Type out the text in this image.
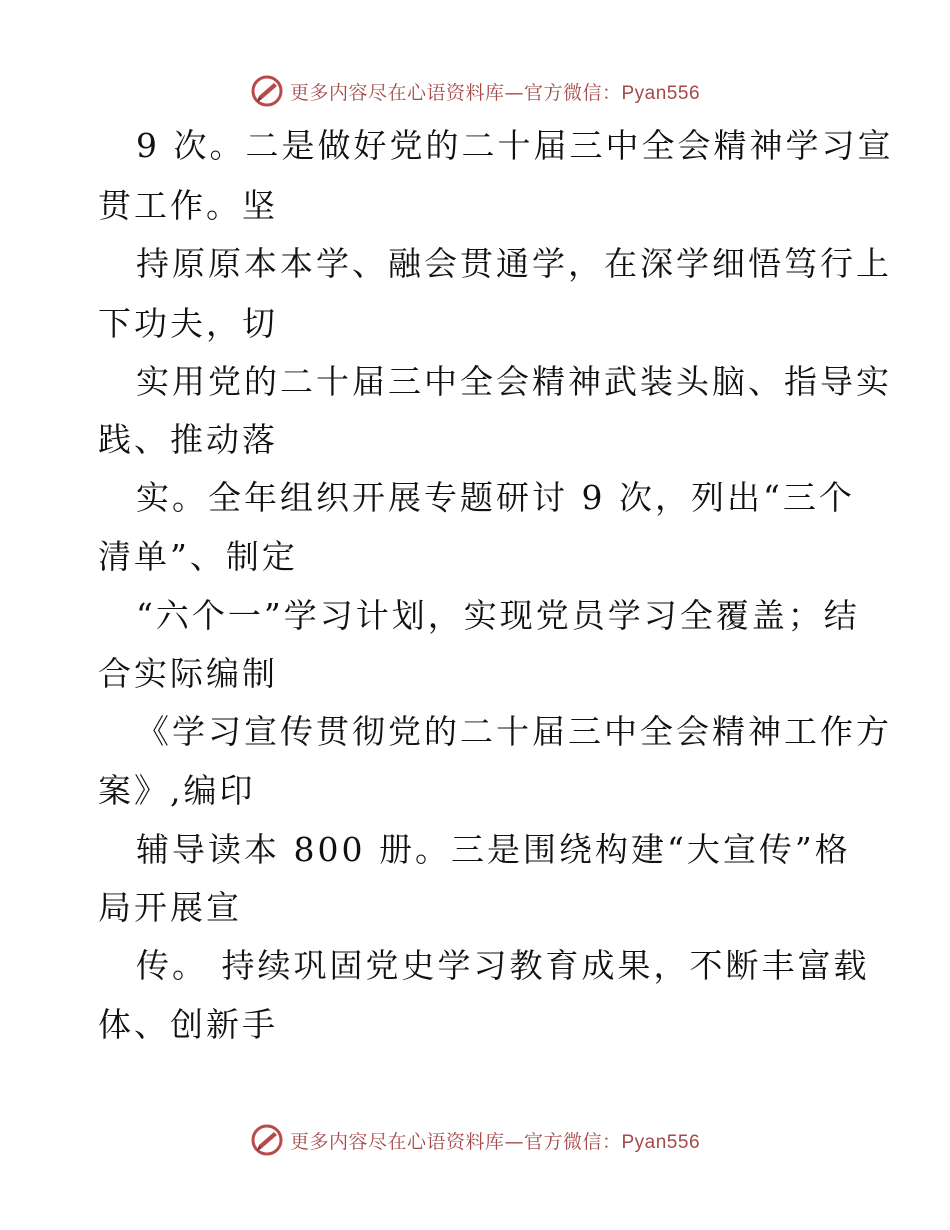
更多内容尽在心语资料库—官方微信：Pyan556
9 次。二是做好党的二十届三中全会精神学习宣
贯工作。坚
持原原本本学、融会贯通学，在深学细悟笃行上
下功夫，切
实用党的二十届三中全会精神武装头脑、指导实
践、推动落
实。全年组织开展专题研讨 9 次，列出“三个
清单”、制定
“六个一”学习计划，实现党员学习全覆盖；结
合实际编制
《学习宣传贯彻党的二十届三中全会精神工作方
案》,编印
辅导读本 800 册。三是围绕构建“大宣传”格
局开展宣
传。 持续巩固党史学习教育成果，不断丰富载
体、创新手
更多内容尽在心语资料库—官方微信：Pyan556
